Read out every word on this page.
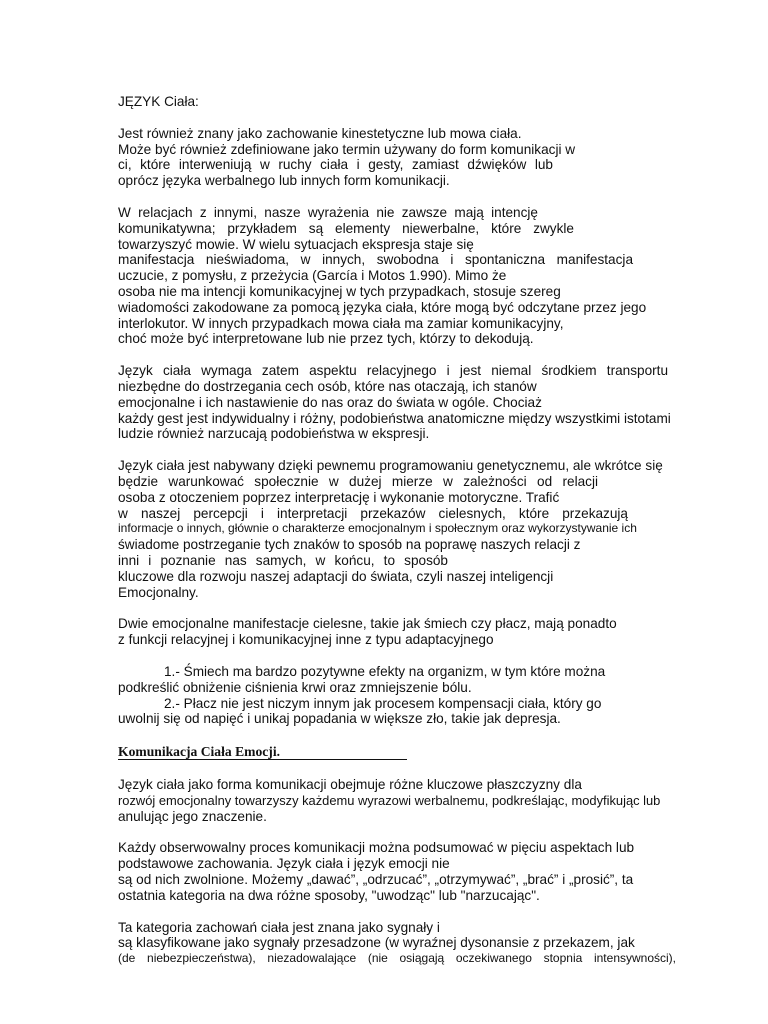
JĘZYK Ciała:
Jest również znany jako zachowanie kinestetyczne lub mowa ciała.
Może być również zdefiniowane jako termin używany do form komunikacji w
ci, które interweniują w ruchy ciała i gesty, zamiast dźwięków lub
oprócz języka werbalnego lub innych form komunikacji.
W relacjach z innymi, nasze wyrażenia nie zawsze mają intencję
komunikatywna; przykładem są elementy niewerbalne, które zwykle
towarzyszyć mowie. W wielu sytuacjach ekspresja staje się
manifestacja nieświadoma, w innych, swobodna i spontaniczna manifestacja
uczucie, z pomysłu, z przeżycia (García i Motos 1.990). Mimo że
osoba nie ma intencji komunikacyjnej w tych przypadkach, stosuje szereg
wiadomości zakodowane za pomocą języka ciała, które mogą być odczytane przez jego
interlokutor. W innych przypadkach mowa ciała ma zamiar komunikacyjny,
choć może być interpretowane lub nie przez tych, którzy to dekodują.
Język ciała wymaga zatem aspektu relacyjnego i jest niemal środkiem transportu
niezbędne do dostrzegania cech osób, które nas otaczają, ich stanów
emocjonalne i ich nastawienie do nas oraz do świata w ogóle. Chociaż
każdy gest jest indywidualny i różny, podobieństwa anatomiczne między wszystkimi istotami
ludzie również narzucają podobieństwa w ekspresji.
Język ciała jest nabywany dzięki pewnemu programowaniu genetycznemu, ale wkrótce się
będzie warunkować społecznie w dużej mierze w zależności od relacji
osoba z otoczeniem poprzez interpretację i wykonanie motoryczne. Trafić
w naszej percepcji i interpretacji przekazów cielesnych, które przekazują
informacje o innych, głównie o charakterze emocjonalnym i społecznym oraz wykorzystywanie ich
świadome postrzeganie tych znaków to sposób na poprawę naszych relacji z
inni i poznanie nas samych, w końcu, to sposób
kluczowe dla rozwoju naszej adaptacji do świata, czyli naszej inteligencji
Emocjonalny.
Dwie emocjonalne manifestacje cielesne, takie jak śmiech czy płacz, mają ponadto
z funkcji relacyjnej i komunikacyjnej inne z typu adaptacyjnego
1.- Śmiech ma bardzo pozytywne efekty na organizm, w tym które można
podkreślić obniżenie ciśnienia krwi oraz zmniejszenie bólu.
2.- Płacz nie jest niczym innym jak procesem kompensacji ciała, który go
uwolnij się od napięć i unikaj popadania w większe zło, takie jak depresja.
Komunikacja Ciała Emocji.
Język ciała jako forma komunikacji obejmuje różne kluczowe płaszczyzny dla
rozwój emocjonalny towarzyszy każdemu wyrazowi werbalnemu, podkreślając, modyfikując lub
anulując jego znaczenie.
Każdy obserwowalny proces komunikacji można podsumować w pięciu aspektach lub
podstawowe zachowania. Język ciała i język emocji nie
są od nich zwolnione. Możemy „dawać”, „odrzucać”, „otrzymywać”, „brać” i „prosić”, ta
ostatnia kategoria na dwa różne sposoby, "uwodząc" lub "narzucając".
Ta kategoria zachowań ciała jest znana jako sygnały i
są klasyfikowane jako sygnały przesadzone (w wyraźnej dysonansie z przekazem, jak
(de niebezpieczeństwa), niezadowalające (nie osiągają oczekiwanego stopnia intensywności),
